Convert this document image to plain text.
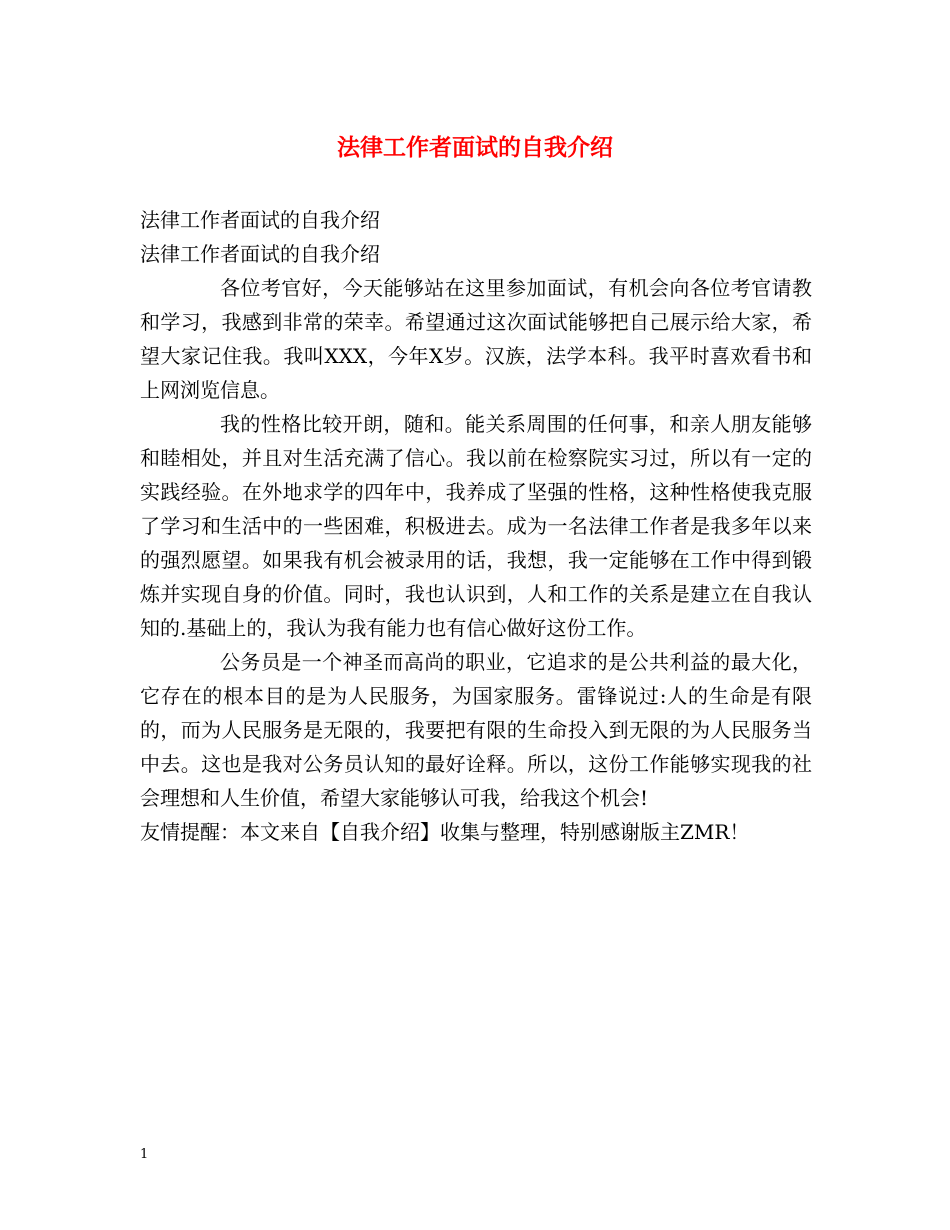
法律工作者面试的自我介绍

法律工作者面试的自我介绍

法律工作者面试的自我介绍

各位考官好，今天能够站在这里参加面试，有机会向各位考官请教和学习，我感到非常的荣幸。希望通过这次面试能够把自己展示给大家，希望大家记住我。我叫XXX，今年X岁。汉族，法学本科。我平时喜欢看书和上网浏览信息。

我的性格比较开朗，随和。能关系周围的任何事，和亲人朋友能够和睦相处，并且对生活充满了信心。我以前在检察院实习过，所以有一定的实践经验。在外地求学的四年中，我养成了坚强的性格，这种性格使我克服了学习和生活中的一些困难，积极进去。成为一名法律工作者是我多年以来的强烈愿望。如果我有机会被录用的话，我想，我一定能够在工作中得到锻炼并实现自身的价值。同时，我也认识到，人和工作的关系是建立在自我认知的.基础上的，我认为我有能力也有信心做好这份工作。

公务员是一个神圣而高尚的职业，它追求的是公共利益的最大化，它存在的根本目的是为人民服务，为国家服务。雷锋说过:人的生命是有限的，而为人民服务是无限的，我要把有限的生命投入到无限的为人民服务当中去。这也是我对公务员认知的最好诠释。所以，这份工作能够实现我的社会理想和人生价值，希望大家能够认可我，给我这个机会!

友情提醒：本文来自【自我介绍】收集与整理，特别感谢版主ZMR！

1
